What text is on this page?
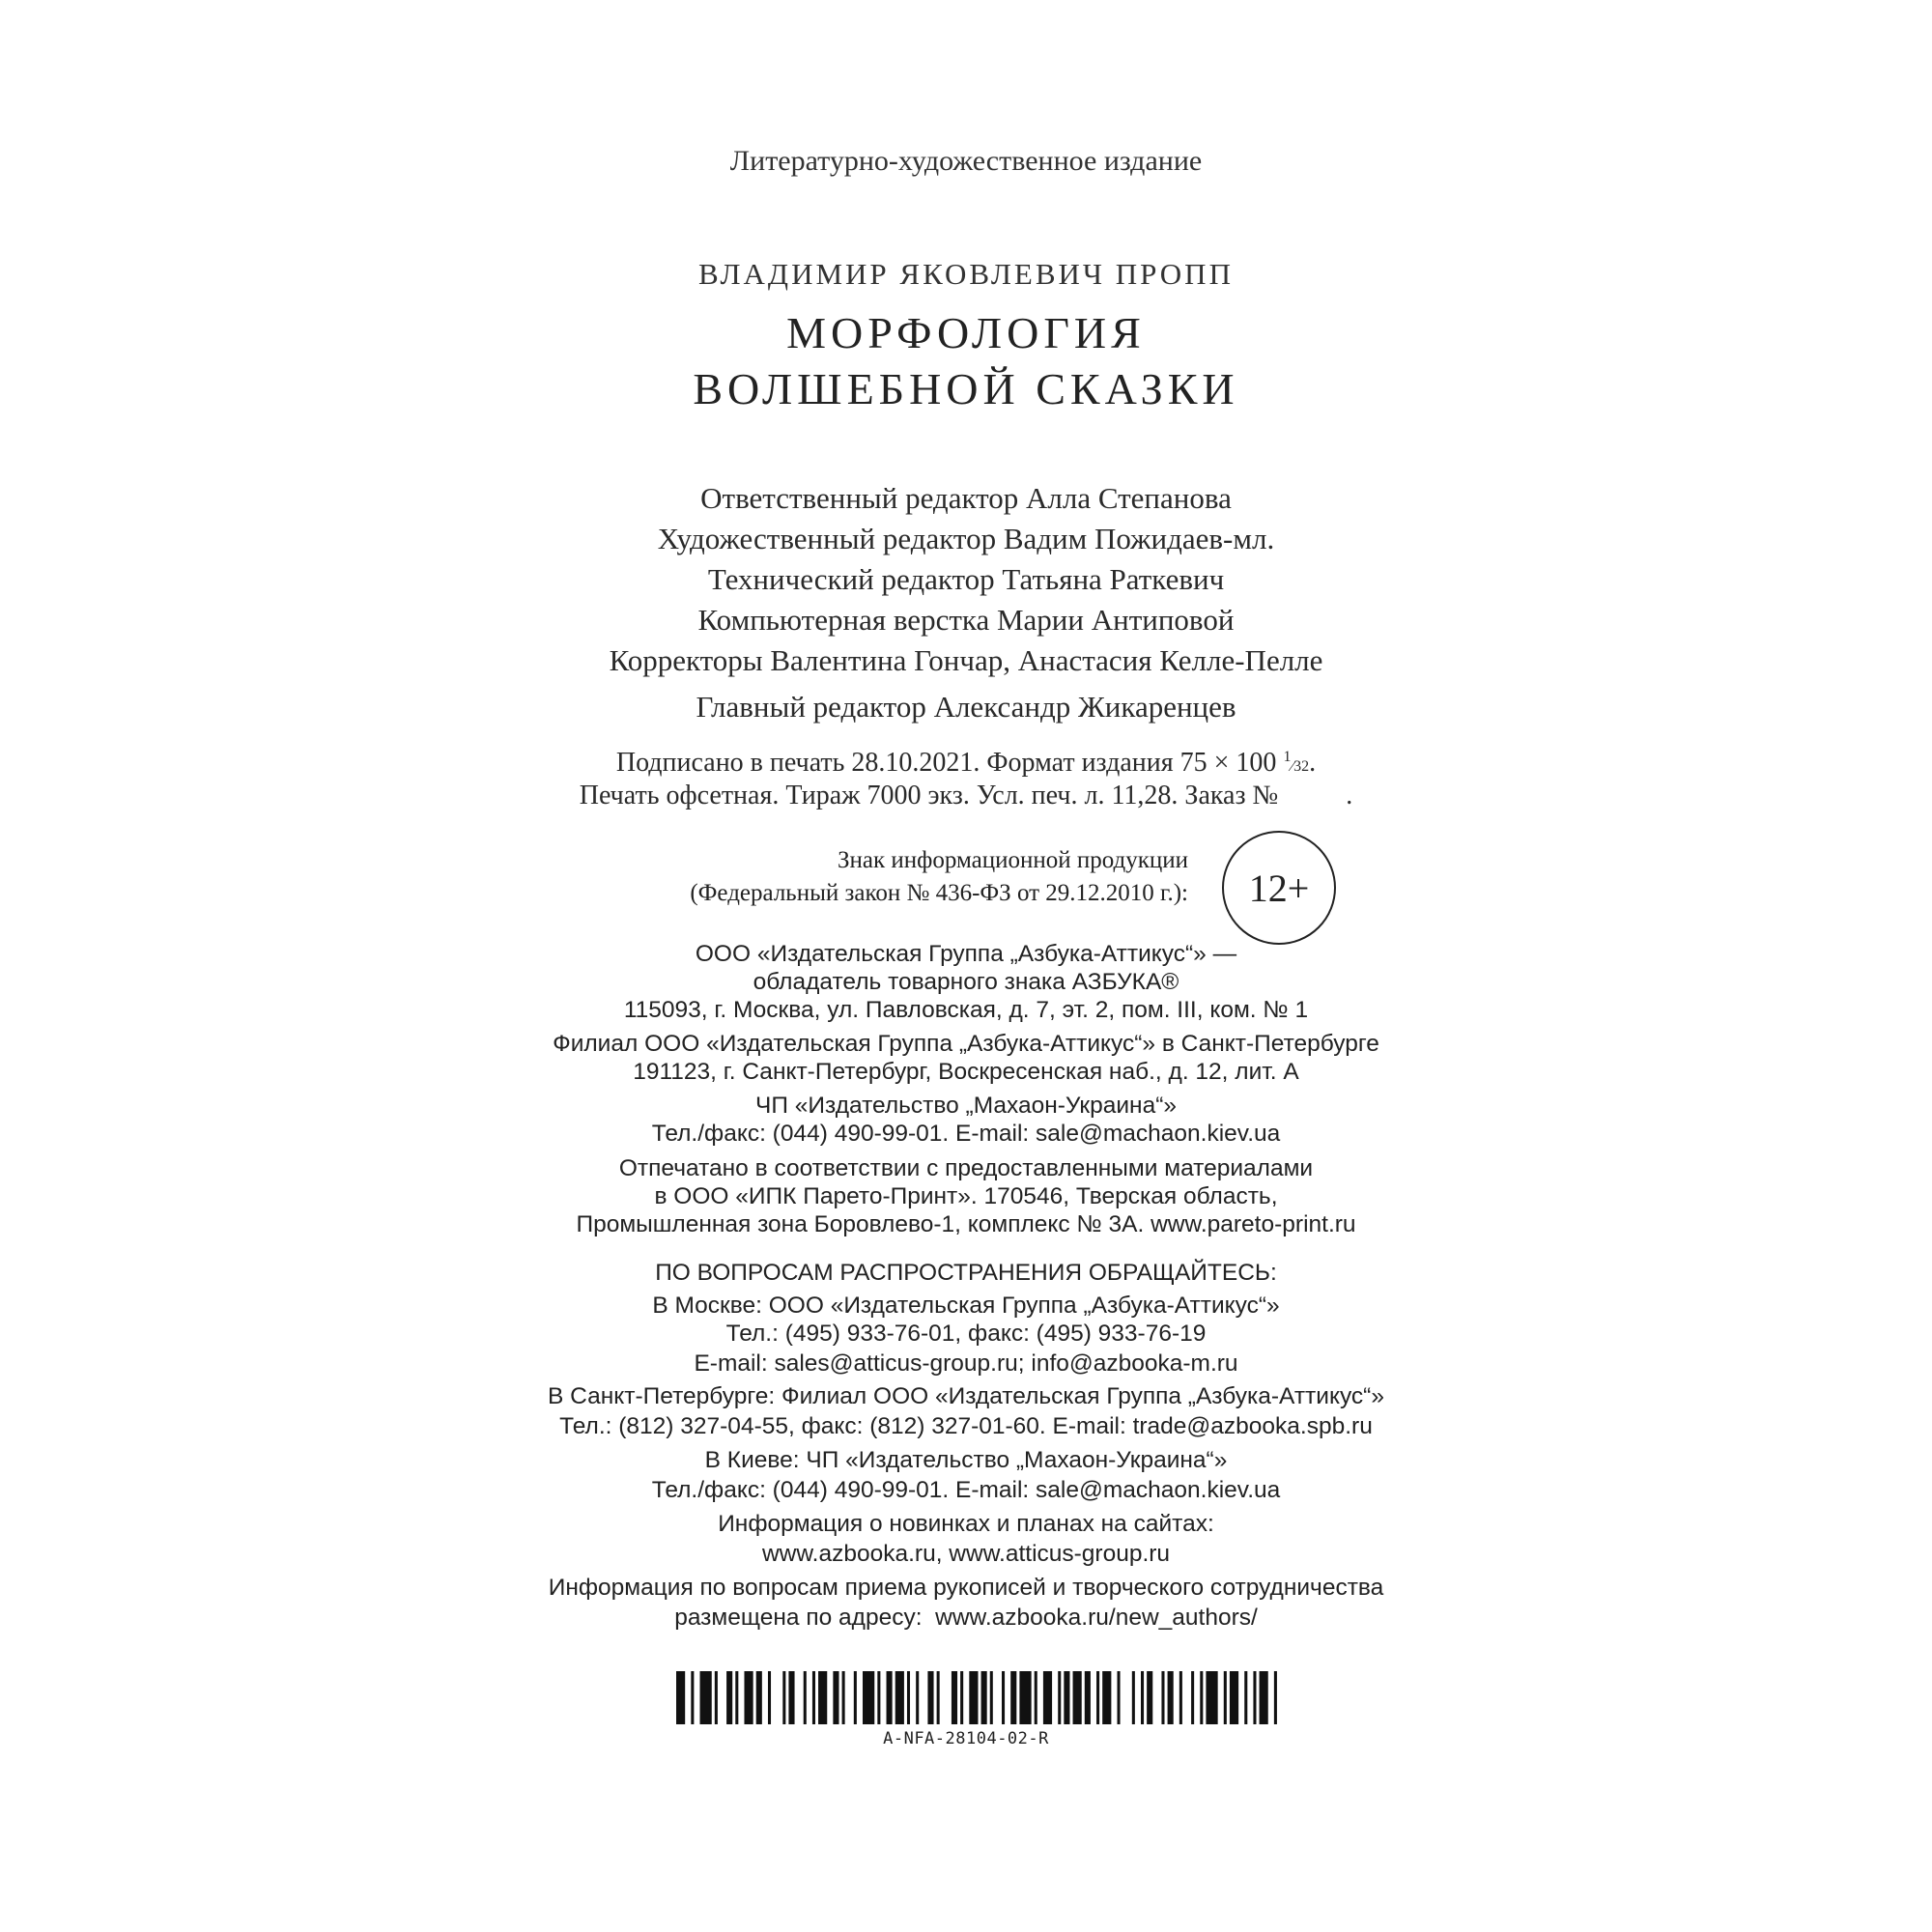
Литературно-художественное издание
ВЛАДИМИР ЯКОВЛЕВИЧ ПРОПП
МОРФОЛОГИЯ
ВОЛШЕБНОЙ СКАЗКИ
Ответственный редактор Алла Степанова
Художественный редактор Вадим Пожидаев-мл.
Технический редактор Татьяна Раткевич
Компьютерная верстка Марии Антиповой
Корректоры Валентина Гончар, Анастасия Келле-Пелле
Главный редактор Александр Жикаренцев
Подписано в печать 28.10.2021. Формат издания 75 × 100 $^1$⁄32.
Печать офсетная. Тираж 7000 экз. Усл. печ. л. 11,28. Заказ №          .
Знак информационной продукции
(Федеральный закон № 436-ФЗ от 29.12.2010 г.): 12+
ООО «Издательская Группа „Азбука-Аттикус“» —
обладатель товарного знака АЗБУКА®
115093, г. Москва, ул. Павловская, д. 7, эт. 2, пом. III, ком. № 1
Филиал ООО «Издательская Группа „Азбука-Аттикус“» в Санкт-Петербурге
191123, г. Санкт-Петербург, Воскресенская наб., д. 12, лит. А
ЧП «Издательство „Махаон-Украина“»
Тел./факс: (044) 490-99-01. E-mail: sale@machaon.kiev.ua
Отпечатано в соответствии с предоставленными материалами
в ООО «ИПК Парето-Принт». 170546, Тверская область,
Промышленная зона Боровлево-1, комплекс № 3А. www.pareto-print.ru
ПО ВОПРОСАМ РАСПРОСТРАНЕНИЯ ОБРАЩАЙТЕСЬ:
В Москве: ООО «Издательская Группа „Азбука-Аттикус“»
Тел.: (495) 933-76-01, факс: (495) 933-76-19
E-mail: sales@atticus-group.ru; info@azbooka-m.ru
В Санкт-Петербурге: Филиал ООО «Издательская Группа „Азбука-Аттикус“»
Тел.: (812) 327-04-55, факс: (812) 327-01-60. E-mail: trade@azbooka.spb.ru
В Киеве: ЧП «Издательство „Махаон-Украина“»
Тел./факс: (044) 490-99-01. E-mail: sale@machaon.kiev.ua
Информация о новинках и планах на сайтах:
www.azbooka.ru, www.atticus-group.ru
Информация по вопросам приема рукописей и творческого сотрудничества
размещена по адресу:  www.azbooka.ru/new_authors/
A-NFA-28104-02-R
